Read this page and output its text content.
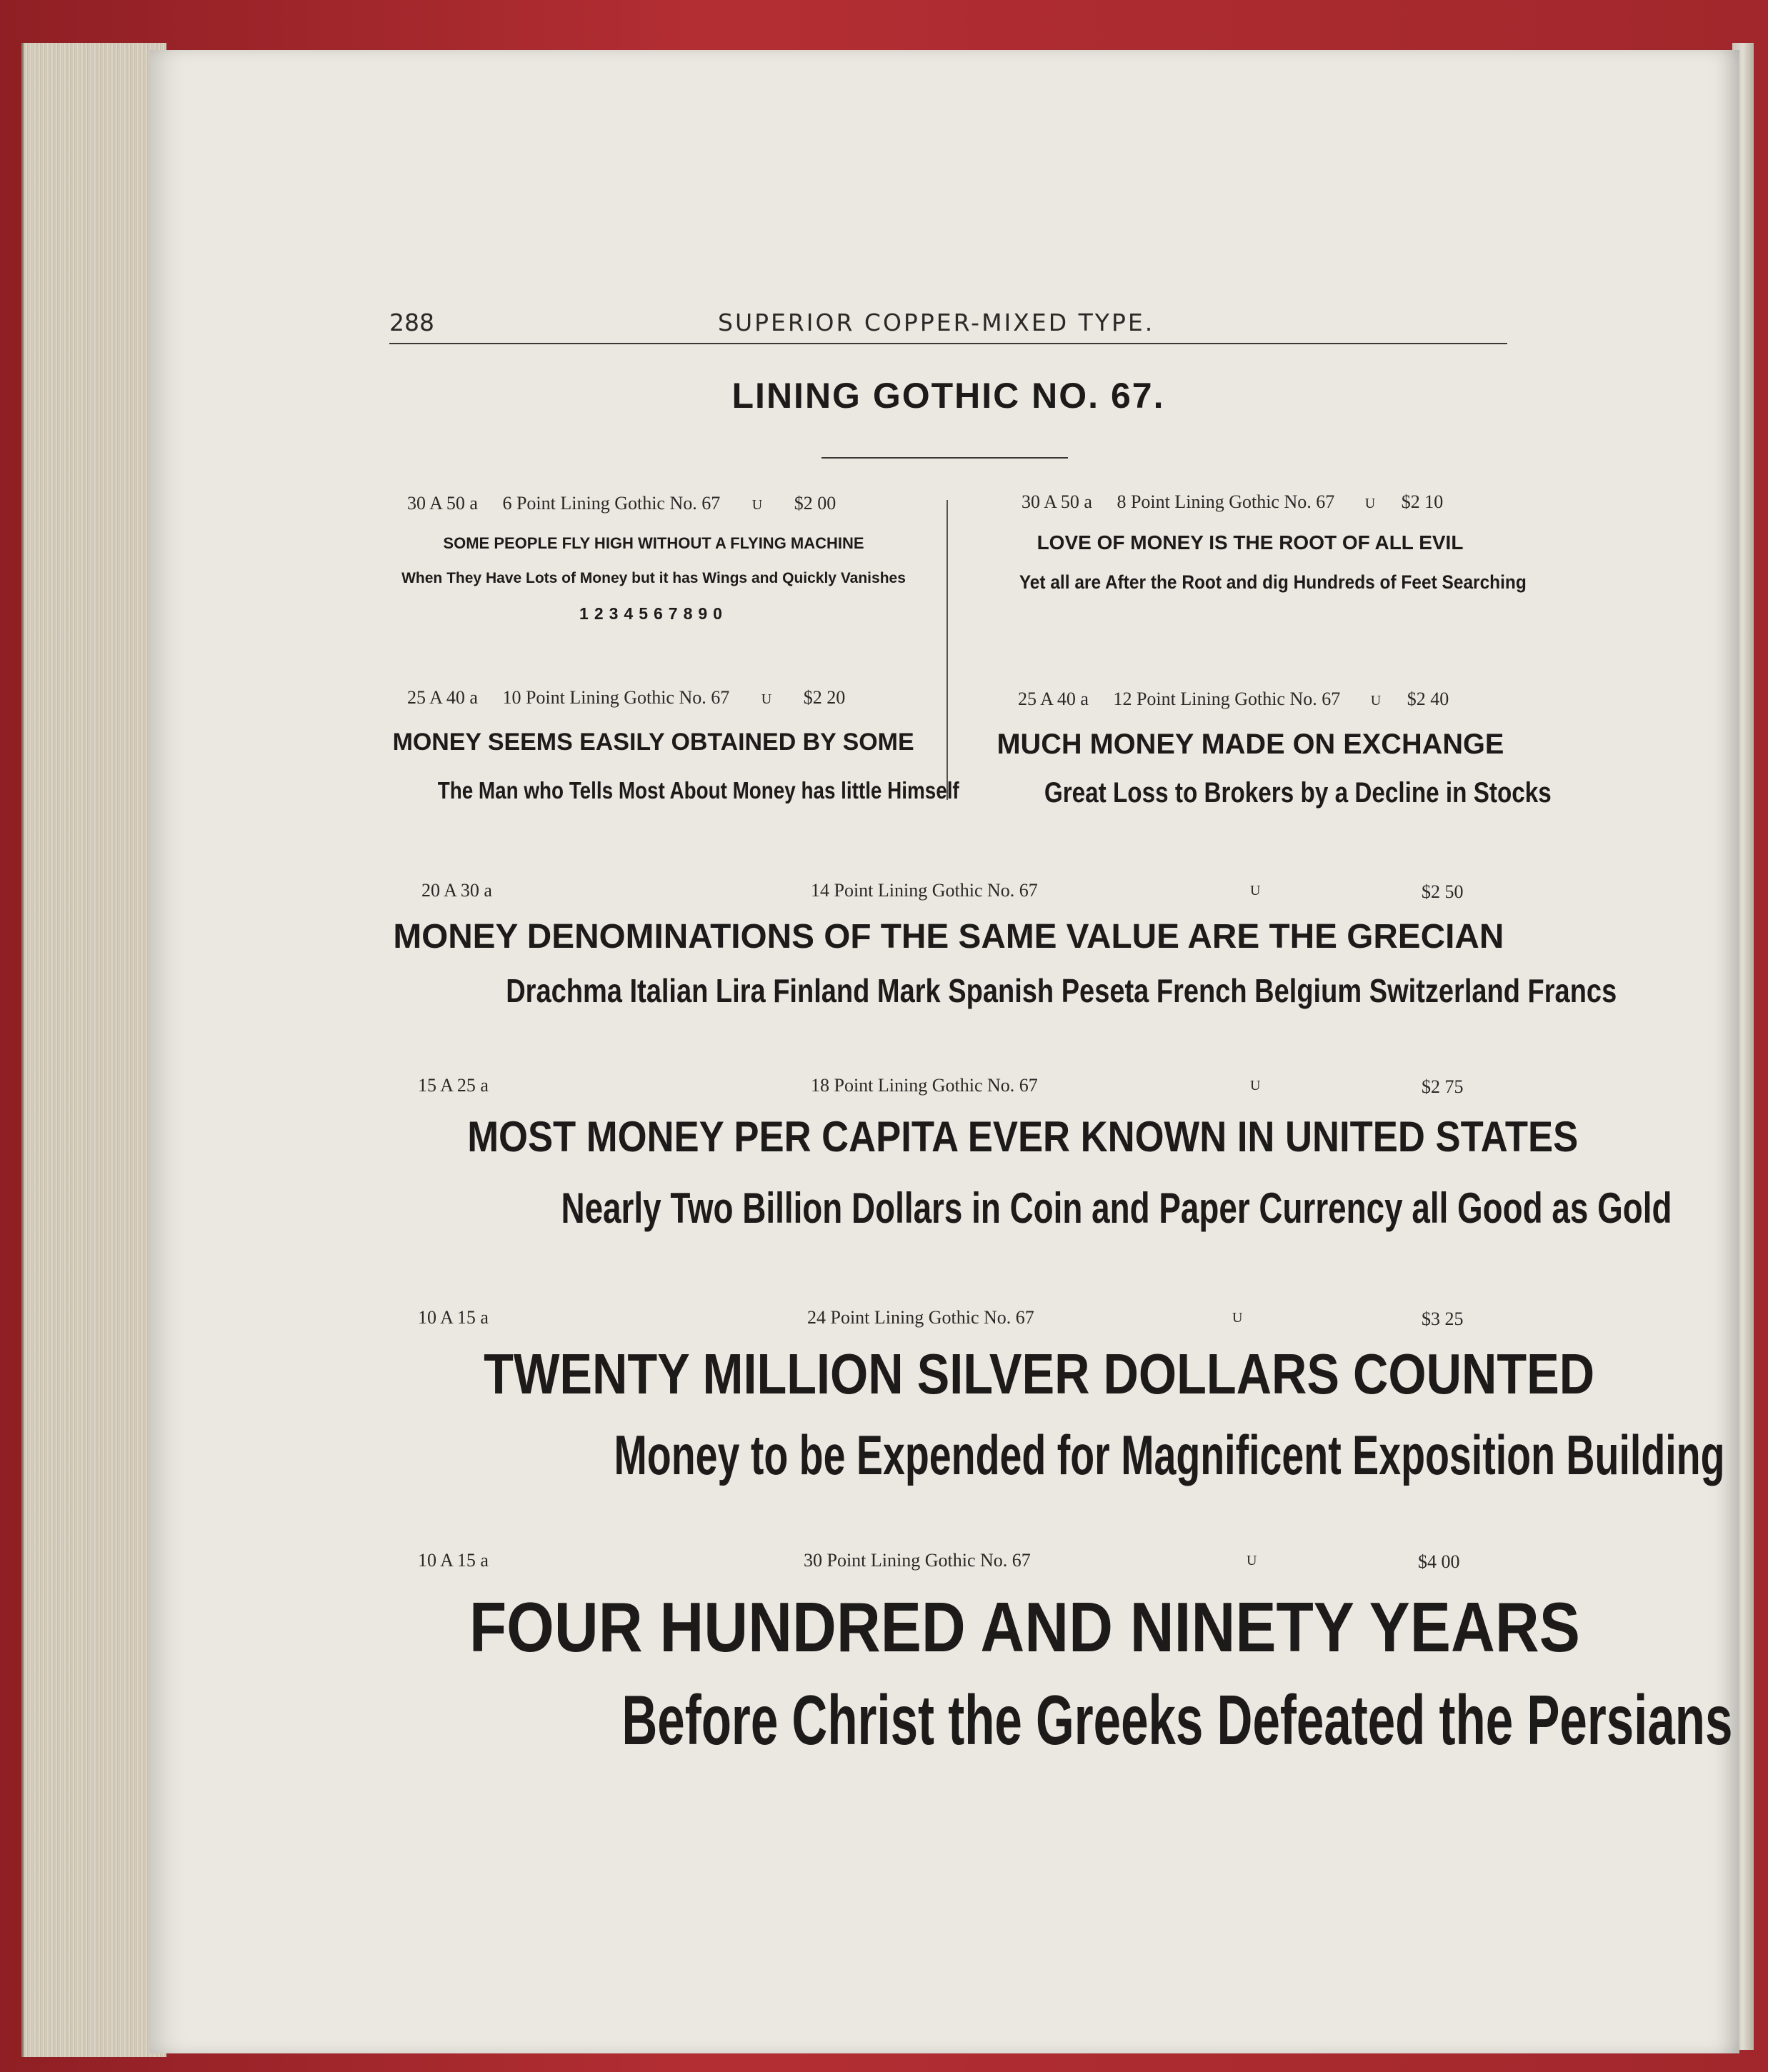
288	SUPERIOR COPPER-MIXED TYPE.
LINING GOTHIC NO. 67.
30 A 50 a 6 Point Lining Gothic No. 67 U $2 00
SOME PEOPLE FLY HIGH WITHOUT A FLYING MACHINE
When They Have Lots of Money but it has Wings and Quickly Vanishes
1234567890
30 A 50 a 8 Point Lining Gothic No. 67 U $2 10
LOVE OF MONEY IS THE ROOT OF ALL EVIL
Yet all are After the Root and dig Hundreds of Feet Searching
25 A 40 a 10 Point Lining Gothic No. 67 U $2 20
MONEY SEEMS EASILY OBTAINED BY SOME
The Man who Tells Most About Money has little Himself
25 A 40 a 12 Point Lining Gothic No. 67 U $2 40
MUCH MONEY MADE ON EXCHANGE
Great Loss to Brokers by a Decline in Stocks
20 A 30 a	14 Point Lining Gothic No. 67	U	$2 50
MONEY DENOMINATIONS OF THE SAME VALUE ARE THE GRECIAN
Drachma Italian Lira Finland Mark Spanish Peseta French Belgium Switzerland Francs
15 A 25 a	18 Point Lining Gothic No. 67	U	$2 75
MOST MONEY PER CAPITA EVER KNOWN IN UNITED STATES
Nearly Two Billion Dollars in Coin and Paper Currency all Good as Gold
10 A 15 a	24 Point Lining Gothic No. 67	U	$3 25
TWENTY MILLION SILVER DOLLARS COUNTED
Money to be Expended for Magnificent Exposition Building
10 A 15 a	30 Point Lining Gothic No. 67	U	$4 00
FOUR HUNDRED AND NINETY YEARS
Before Christ the Greeks Defeated the Persians
